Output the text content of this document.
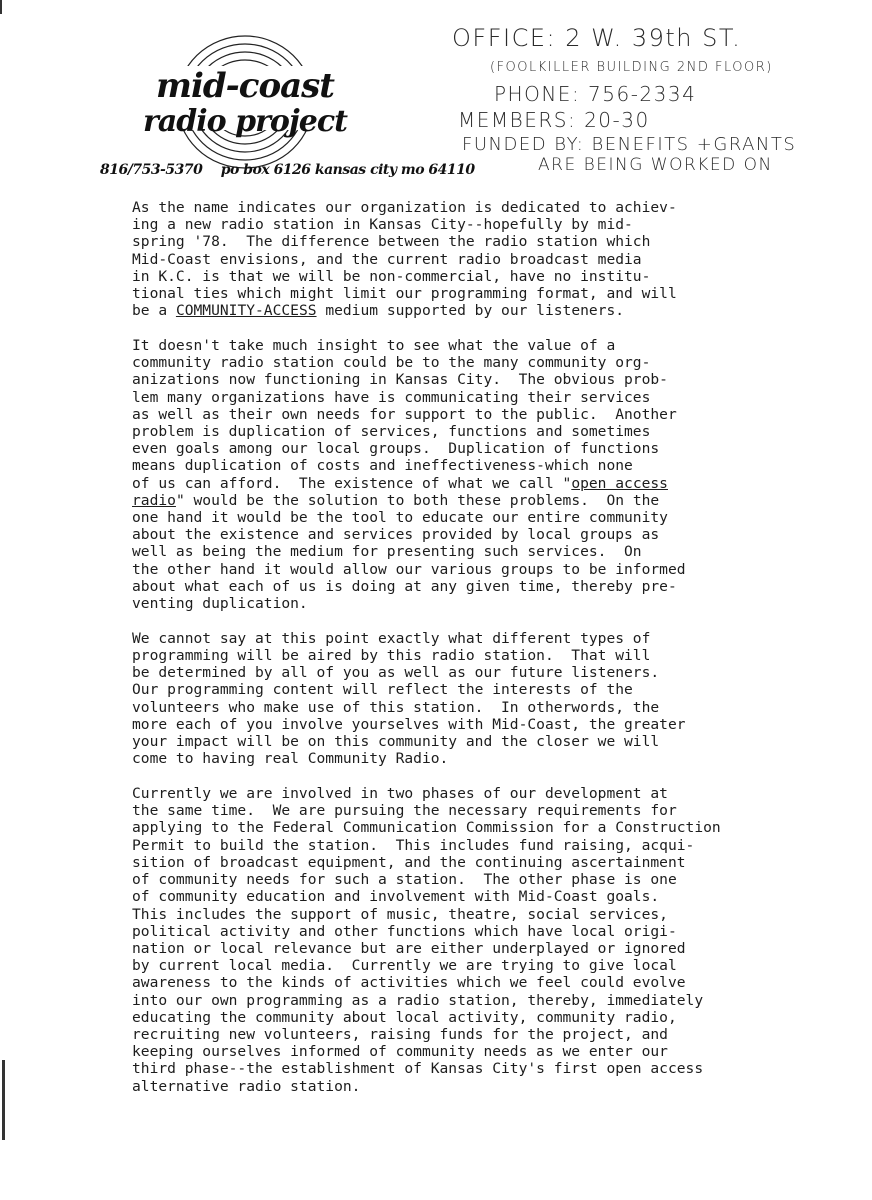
mid-coast
radio project
OFFICE: 2 W. 39th ST.
(FOOLKILLER BUILDING 2ND FLOOR)
PHONE: 756-2334
MEMBERS: 20-30
FUNDED BY: BENEFITS +GRANTS
ARE BEING WORKED ON
816/753-5370 po box 6126 kansas city mo 64110

As the name indicates our organization is dedicated to achiev-
ing a new radio station in Kansas City--hopefully by mid-
spring '78.  The difference between the radio station which
Mid-Coast envisions, and the current radio broadcast media
in K.C. is that we will be non-commercial, have no institu-
tional ties which might limit our programming format, and will
be a COMMUNITY-ACCESS medium supported by our listeners.

It doesn't take much insight to see what the value of a
community radio station could be to the many community org-
anizations now functioning in Kansas City.  The obvious prob-
lem many organizations have is communicating their services
as well as their own needs for support to the public.  Another
problem is duplication of services, functions and sometimes
even goals among our local groups.  Duplication of functions
means duplication of costs and ineffectiveness-which none
of us can afford.  The existence of what we call "open access
radio" would be the solution to both these problems.  On the
one hand it would be the tool to educate our entire community
about the existence and services provided by local groups as
well as being the medium for presenting such services.  On
the other hand it would allow our various groups to be informed
about what each of us is doing at any given time, thereby pre-
venting duplication.

We cannot say at this point exactly what different types of
programming will be aired by this radio station.  That will
be determined by all of you as well as our future listeners.
Our programming content will reflect the interests of the
volunteers who make use of this station.  In otherwords, the
more each of you involve yourselves with Mid-Coast, the greater
your impact will be on this community and the closer we will
come to having real Community Radio.

Currently we are involved in two phases of our development at
the same time.  We are pursuing the necessary requirements for
applying to the Federal Communication Commission for a Construction
Permit to build the station.  This includes fund raising, acqui-
sition of broadcast equipment, and the continuing ascertainment
of community needs for such a station.  The other phase is one
of community education and involvement with Mid-Coast goals.
This includes the support of music, theatre, social services,
political activity and other functions which have local origi-
nation or local relevance but are either underplayed or ignored
by current local media.  Currently we are trying to give local
awareness to the kinds of activities which we feel could evolve
into our own programming as a radio station, thereby, immediately
educating the community about local activity, community radio,
recruiting new volunteers, raising funds for the project, and
keeping ourselves informed of community needs as we enter our
third phase--the establishment of Kansas City's first open access
alternative radio station.
